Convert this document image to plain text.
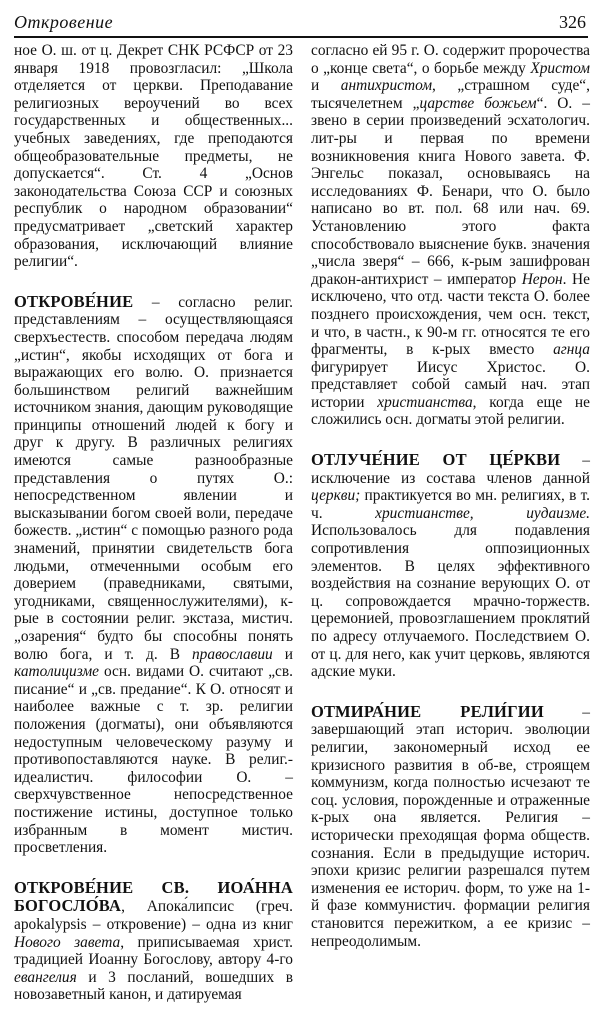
Откровение	326

ное О. ш. от ц. Декрет СНК РСФСР от 23 января 1918 провозгласил: „Школа отделяется от церкви. Преподавание религиозных вероучений во всех государственных и общественных... учебных заведениях, где преподаются общеобразовательные предметы, не допускается“. Ст. 4 „Основ законодательства Союза ССР и союзных республик о народном образовании“ предусматривает „светский характер образования, исключающий влияние религии“.

ОТКРОВЕ́НИЕ – согласно религ. представлениям – осуществляющаяся сверхъестеств. способом передача людям „истин“, якобы исходящих от бога и выражающих его волю. О. признается большинством религий важнейшим источником знания, дающим руководящие принципы отношений людей к богу и друг к другу. В различных религиях имеются самые разнообразные представления о путях О.: непосредственном явлении и высказывании богом своей воли, передаче божеств. „истин“ с помощью разного рода знамений, принятии свидетельств бога людьми, отмеченными особым его доверием (праведниками, святыми, угодниками, священнослужителями), к-рые в состоянии религ. экстаза, мистич. „озарения“ будто бы способны понять волю бога, и т. д. В православии и католицизме осн. видами О. считают „св. писание“ и „св. предание“. К О. относят и наиболее важные с т. зр. религии положения (догматы), они объявляются недоступным человеческому разуму и противопоставляются науке. В религ.-идеалистич. философии О. – сверхчувственное непосредственное постижение истины, доступное только избранным в момент мистич. просветления.

ОТКРОВЕ́НИЕ СВ. ИОА́ННА БОГОСЛО́ВА, Апока́липсис (греч. apokalypsis – откровение) – одна из книг Нового завета, приписываемая христ. традицией Иоанну Богослову, автору 4-го евангелия и 3 посланий, вошедших в новозаветный канон, и датируемая

согласно ей 95 г. О. содержит пророчества о „конце света“, о борьбе между Христом и антихристом, „страшном суде“, тысячелетнем „царстве божьем“. О. – звено в серии произведений эсхатологич. лит-ры и первая по времени возникновения книга Нового завета. Ф. Энгельс показал, основываясь на исследованиях Ф. Бенари, что О. было написано во вт. пол. 68 или нач. 69. Установлению этого факта способствовало выяснение букв. значения „числа зверя“ – 666, к-рым зашифрован дракон-антихрист – император Нерон. Не исключено, что отд. части текста О. более позднего происхождения, чем осн. текст, и что, в частн., к 90-м гг. относятся те его фрагменты, в к-рых вместо агнца фигурирует Иисус Христос. О. представляет собой самый нач. этап истории христианства, когда еще не сложились осн. догматы этой религии.

ОТЛУЧЕ́НИЕ ОТ ЦЕ́РКВИ – исключение из состава членов данной церкви; практикуется во мн. религиях, в т. ч. христианстве, иудаизме. Использовалось для подавления сопротивления оппозиционных элементов. В целях эффективного воздействия на сознание верующих О. от ц. сопровождается мрачно-торжеств. церемонией, провозглашением проклятий по адресу отлучаемого. Последствием О. от ц. для него, как учит церковь, являются адские муки.

ОТМИРА́НИЕ РЕЛИ́ГИИ – завершающий этап историч. эволюции религии, закономерный исход ее кризисного развития в об-ве, строящем коммунизм, когда полностью исчезают те соц. условия, порожденные и отраженные к-рых она является. Религия – исторически преходящая форма обществ. сознания. Если в предыдущие историч. эпохи кризис религии разрешался путем изменения ее историч. форм, то уже на 1-й фазе коммунистич. формации религия становится пережитком, а ее кризис – непреодолимым.
